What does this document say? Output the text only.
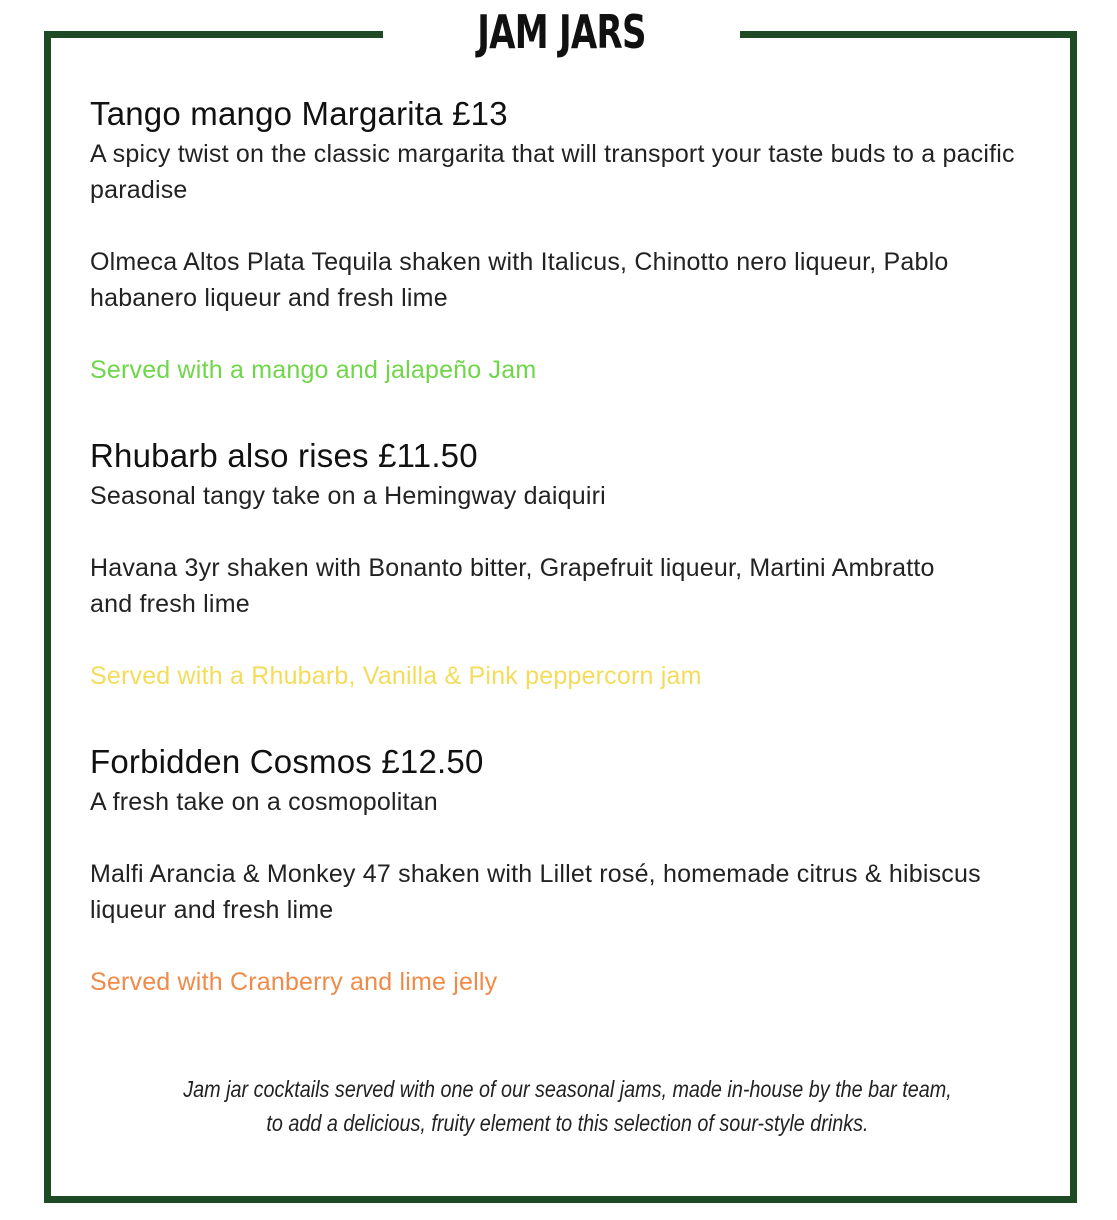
JAM JARS
Tango mango Margarita £13
A spicy twist on the classic margarita that will transport your taste buds to a pacific paradise
Olmeca Altos Plata Tequila shaken with Italicus, Chinotto nero liqueur, Pablo habanero liqueur and fresh lime
Served with a mango and jalapeño Jam
Rhubarb also rises £11.50
Seasonal tangy take on a Hemingway daiquiri
Havana 3yr shaken with Bonanto bitter, Grapefruit liqueur, Martini Ambratto and fresh lime
Served with a Rhubarb, Vanilla & Pink peppercorn jam
Forbidden Cosmos £12.50
A fresh take on a cosmopolitan
Malfi Arancia & Monkey 47 shaken with Lillet rosé, homemade citrus & hibiscus liqueur and fresh lime
Served with Cranberry and lime jelly
Jam jar cocktails served with one of our seasonal jams, made in-house by the bar team,
to add a delicious, fruity element to this selection of sour-style drinks.
